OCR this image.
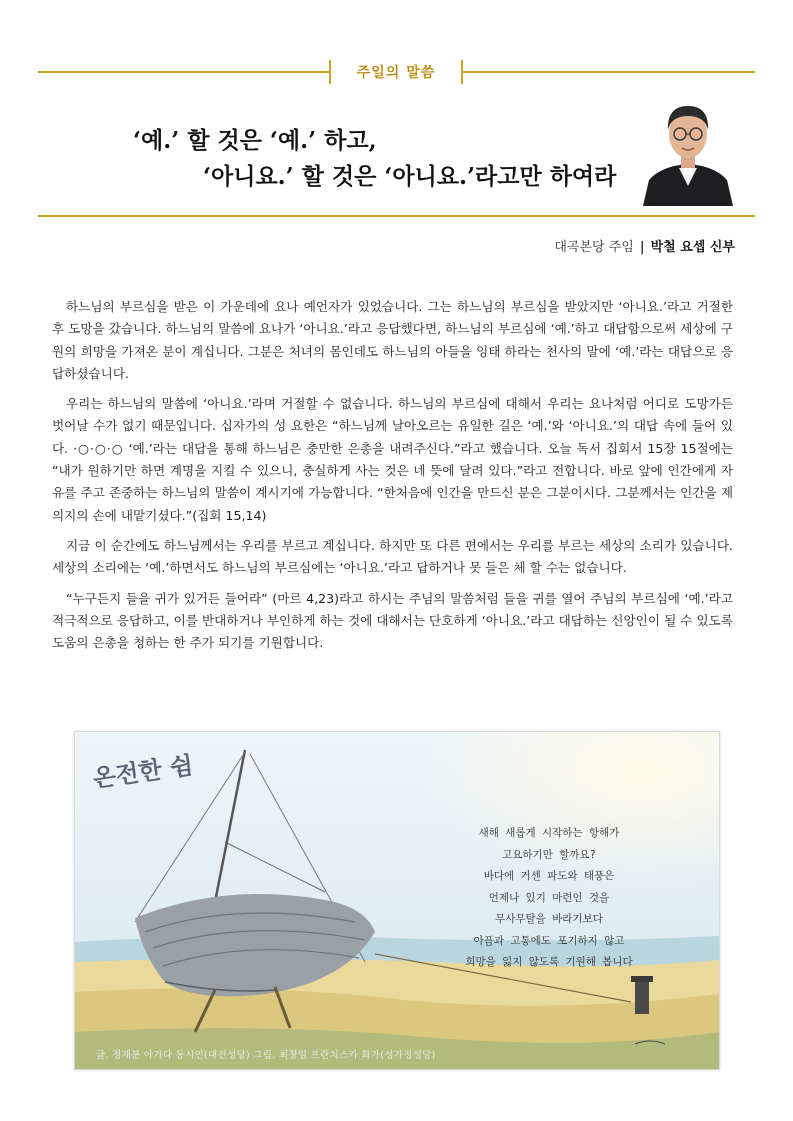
주일의 말씀
‘예.’ 할 것은 ‘예.’ 하고,
‘아니요.’ 할 것은 ‘아니요.’라고만 하여라
대곡본당 주임 | 박철 요셉 신부

하느님의 부르심을 받은 이 가운데에 요나 예언자가 있었습니다. 그는 하느님의 부르심을 받았지만 ‘아니요.’라고 거절한 후 도망을 갔습니다. 하느님의 말씀에 요나가 ‘아니요.’라고 응답했다면, 하느님의 부르심에 ‘예.’하고 대답함으로써 세상에 구원의 희망을 가져온 분이 계십니다. 그분은 처녀의 몸인데도 하느님의 아들을 잉태 하라는 천사의 말에 ‘예.’라는 대답으로 응답하셨습니다.

우리는 하느님의 말씀에 ‘아니요.’라며 거절할 수 없습니다. 하느님의 부르심에 대해서 우리는 요나처럼 어디로 도망가든 벗어날 수가 없기 때문입니다. 십자가의 성 요한은 “하느님께 날아오르는 유일한 길은 ‘예.’와 ‘아니요.’의 대답 속에 들어 있다. ·○·○·○ ‘예.’라는 대답을 통해 하느님은 충만한 은총을 내려주신다.”라고 했습니다. 오늘 독서 집회서 15장 15절에는 “내가 원하기만 하면 계명을 지킬 수 있으니, 충실하게 사는 것은 네 뜻에 달려 있다.”라고 전합니다. 바로 앞에 인간에게 자유를 주고 존중하는 하느님의 말씀이 계시기에 가능합니다. “한처음에 인간을 만드신 분은 그분이시다. 그분께서는 인간을 제 의지의 손에 내맡기셨다.”(집회 15,14)

지금 이 순간에도 하느님께서는 우리를 부르고 계십니다. 하지만 또 다른 편에서는 우리를 부르는 세상의 소리가 있습니다. 세상의 소리에는 ‘예.’하면서도 하느님의 부르심에는 ‘아니요.’라고 답하거나 못 들은 체 할 수는 없습니다.

“누구든지 들을 귀가 있거든 들어라” (마르 4,23)라고 하시는 주님의 말씀처럼 들을 귀를 열어 주님의 부르심에 ‘예.’라고 적극적으로 응답하고, 이를 반대하거나 부인하게 하는 것에 대해서는 단호하게 ‘아니요.’라고 대답하는 신앙인이 될 수 있도록 도움의 은총을 청하는 한 주가 되기를 기원합니다.

온전한 쉼
새해 새롭게 시작하는 항해가
고요하기만 할까요?
바다에 거센 파도와 태풍은
언제나 있기 마련인 것을
무사무탈을 바라기보다
아픔과 고통에도 포기하지 않고
희망을 잃지 않도록 기원해 봅니다
글. 정재분 아가다 동시인(대건성당) 그림. 최창임 프란치스카 화가(성가정성당)
